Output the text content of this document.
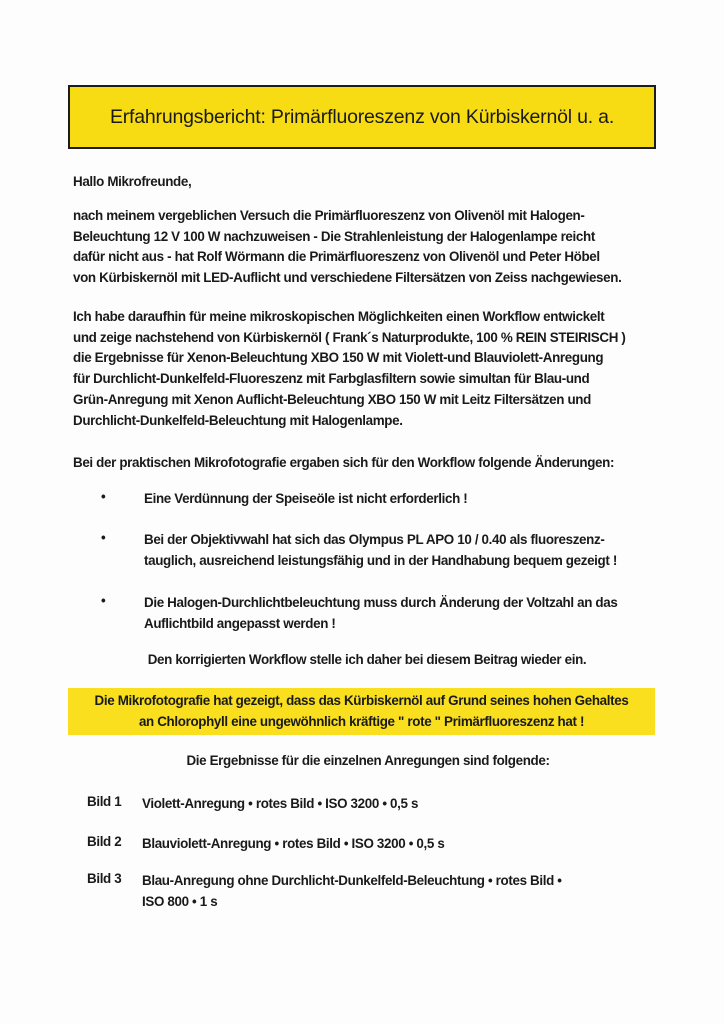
Erfahrungsbericht: Primärfluoreszenz von Kürbiskernöl u. a.
Hallo Mikrofreunde,
nach meinem vergeblichen Versuch die Primärfluoreszenz von Olivenöl mit Halogen-
Beleuchtung 12 V 100 W nachzuweisen - Die Strahlenleistung der Halogenlampe reicht
dafür nicht aus - hat Rolf Wörmann die Primärfluoreszenz von Olivenöl und Peter Höbel
von Kürbiskernöl mit LED-Auflicht und verschiedene Filtersätzen von Zeiss nachgewiesen.
Ich habe daraufhin für meine mikroskopischen Möglichkeiten einen Workflow entwickelt
und zeige nachstehend von Kürbiskernöl ( Frank´s Naturprodukte, 100 % REIN STEIRISCH )
die Ergebnisse für Xenon-Beleuchtung XBO 150 W mit Violett-und Blauviolett-Anregung
für Durchlicht-Dunkelfeld-Fluoreszenz mit Farbglasfiltern sowie simultan für Blau-und
Grün-Anregung mit Xenon Auflicht-Beleuchtung XBO 150 W mit Leitz Filtersätzen und
Durchlicht-Dunkelfeld-Beleuchtung mit Halogenlampe.
Bei der praktischen Mikrofotografie ergaben sich für den Workflow folgende Änderungen:
•	Eine Verdünnung der Speiseöle ist nicht erforderlich !
•	Bei der Objektivwahl hat sich das Olympus PL APO 10 / 0.40 als fluoreszenz-
tauglich, ausreichend leistungsfähig und in der Handhabung bequem gezeigt !
•	Die Halogen-Durchlichtbeleuchtung muss durch Änderung der Voltzahl an das
Auflichtbild angepasst werden !
Den korrigierten Workflow stelle ich daher bei diesem Beitrag wieder ein.
Die Mikrofotografie hat gezeigt, dass das Kürbiskernöl auf Grund seines hohen Gehaltes
an Chlorophyll eine ungewöhnlich kräftige " rote " Primärfluoreszenz hat !
Die Ergebnisse für die einzelnen Anregungen sind folgende:
Bild 1 Violett-Anregung • rotes Bild • ISO 3200 • 0,5 s
Bild 2 Blauviolett-Anregung • rotes Bild • ISO 3200 • 0,5 s
Bild 3 Blau-Anregung ohne Durchlicht-Dunkelfeld-Beleuchtung • rotes Bild •
ISO 800 • 1 s
